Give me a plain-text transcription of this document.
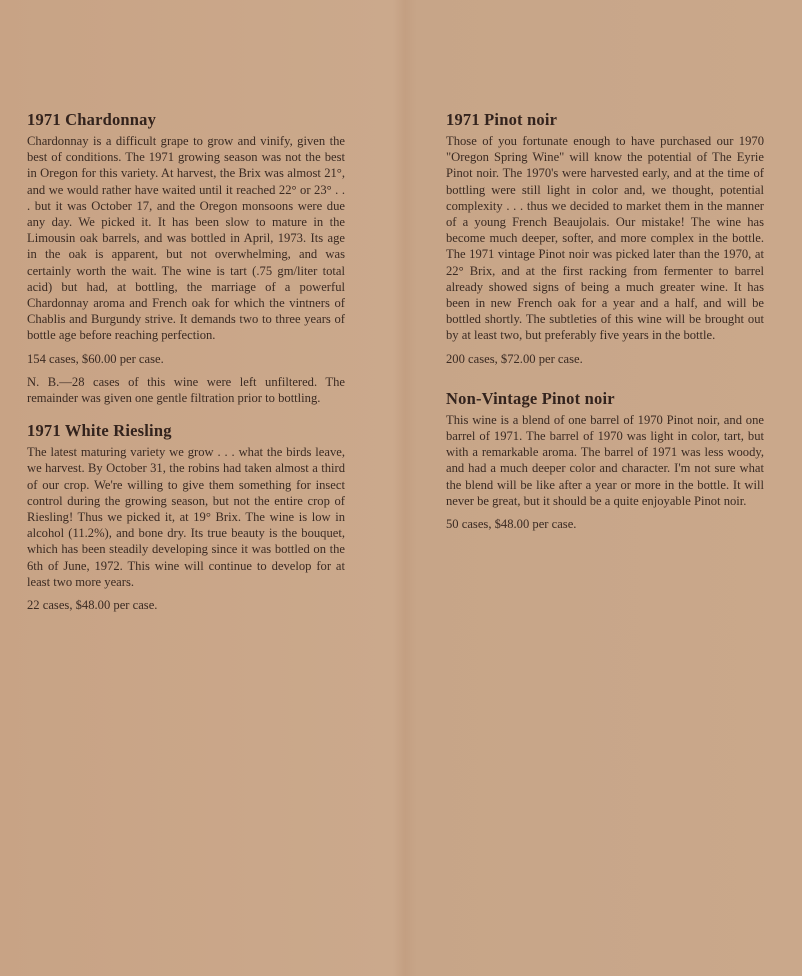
1971 Chardonnay

Chardonnay is a difficult grape to grow and vinify, given the best of conditions. The 1971 growing season was not the best in Oregon for this variety. At harvest, the Brix was almost 21°, and we would rather have waited until it reached 22° or 23° . . . but it was October 17, and the Oregon monsoons were due any day. We picked it. It has been slow to mature in the Limousin oak barrels, and was bottled in April, 1973. Its age in the oak is apparent, but not overwhelming, and was certainly worth the wait. The wine is tart (.75 gm/liter total acid) but had, at bottling, the marriage of a powerful Chardonnay aroma and French oak for which the vintners of Chablis and Burgundy strive. It demands two to three years of bottle age before reaching perfection.

154 cases, $60.00 per case.

N. B.—28 cases of this wine were left unfiltered. The remainder was given one gentle filtration prior to bottling.

1971 White Riesling

The latest maturing variety we grow . . . what the birds leave, we harvest. By October 31, the robins had taken almost a third of our crop. We're willing to give them something for insect control during the growing season, but not the entire crop of Riesling! Thus we picked it, at 19° Brix. The wine is low in alcohol (11.2%), and bone dry. Its true beauty is the bouquet, which has been steadily developing since it was bottled on the 6th of June, 1972. This wine will continue to develop for at least two more years.

22 cases, $48.00 per case.

1971 Pinot noir

Those of you fortunate enough to have purchased our 1970 "Oregon Spring Wine" will know the potential of The Eyrie Pinot noir. The 1970's were harvested early, and at the time of bottling were still light in color and, we thought, potential complexity . . . thus we decided to market them in the manner of a young French Beaujolais. Our mistake! The wine has become much deeper, softer, and more complex in the bottle. The 1971 vintage Pinot noir was picked later than the 1970, at 22° Brix, and at the first racking from fermenter to barrel already showed signs of being a much greater wine. It has been in new French oak for a year and a half, and will be bottled shortly. The subtleties of this wine will be brought out by at least two, but preferably five years in the bottle.

200 cases, $72.00 per case.

Non-Vintage Pinot noir

This wine is a blend of one barrel of 1970 Pinot noir, and one barrel of 1971. The barrel of 1970 was light in color, tart, but with a remarkable aroma. The barrel of 1971 was less woody, and had a much deeper color and character. I'm not sure what the blend will be like after a year or more in the bottle. It will never be great, but it should be a quite enjoyable Pinot noir.

50 cases, $48.00 per case.
